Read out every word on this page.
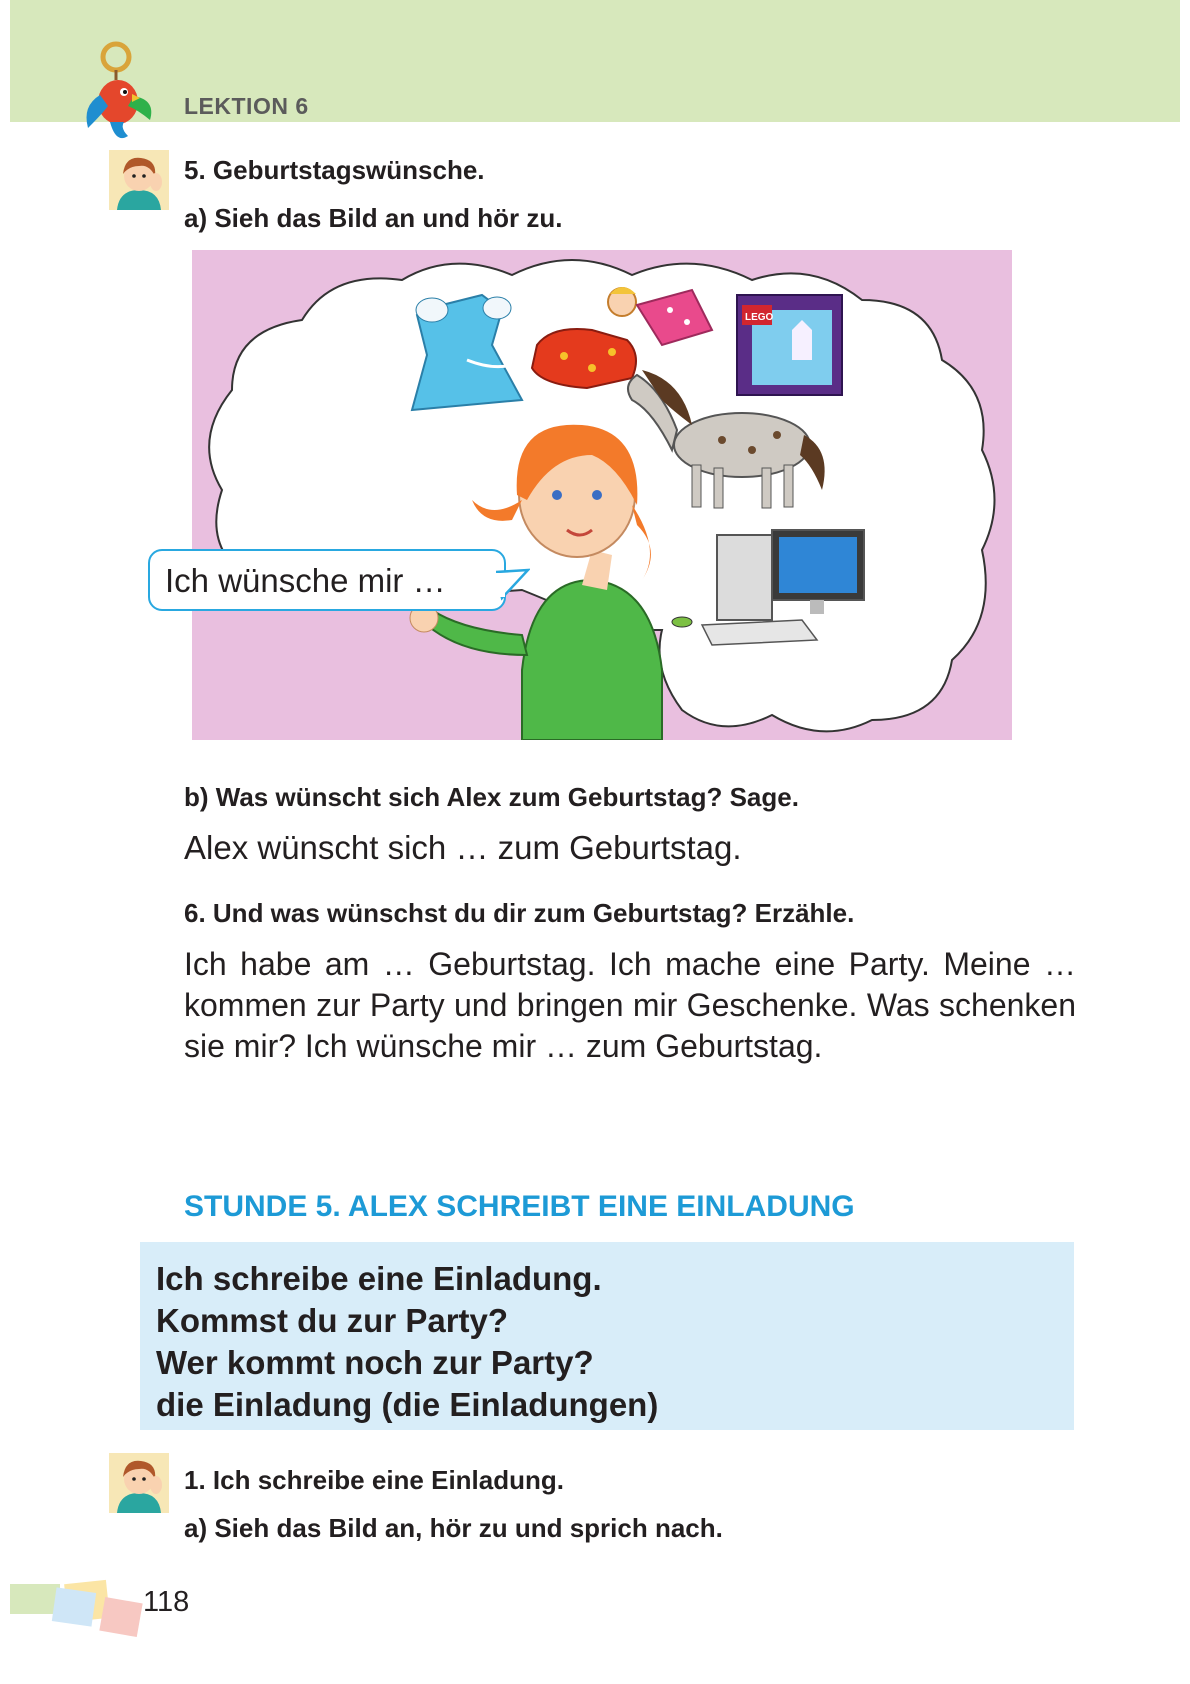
LEKTION 6
5. Geburtstagswünsche.
a) Sieh das Bild an und hör zu.
LEGO
Ich wünsche mir …
b) Was wünscht sich Alex zum Geburtstag? Sage.
Alex wünscht sich … zum Geburtstag.
6. Und was wünschst du dir zum Geburtstag? Erzähle.
Ich habe am … Geburtstag. Ich mache eine Party. Meine … kommen zur Party und bringen mir Geschenke. Was schenken sie mir? Ich wünsche mir … zum Geburtstag.
STUNDE 5. ALEX SCHREIBT EINE EINLADUNG
Ich schreibe eine Einladung.
Kommst du zur Party?
Wer kommt noch zur Party?
die Einladung (die Einladungen)
1. Ich schreibe eine Einladung.
a) Sieh das Bild an, hör zu und sprich nach.
118
